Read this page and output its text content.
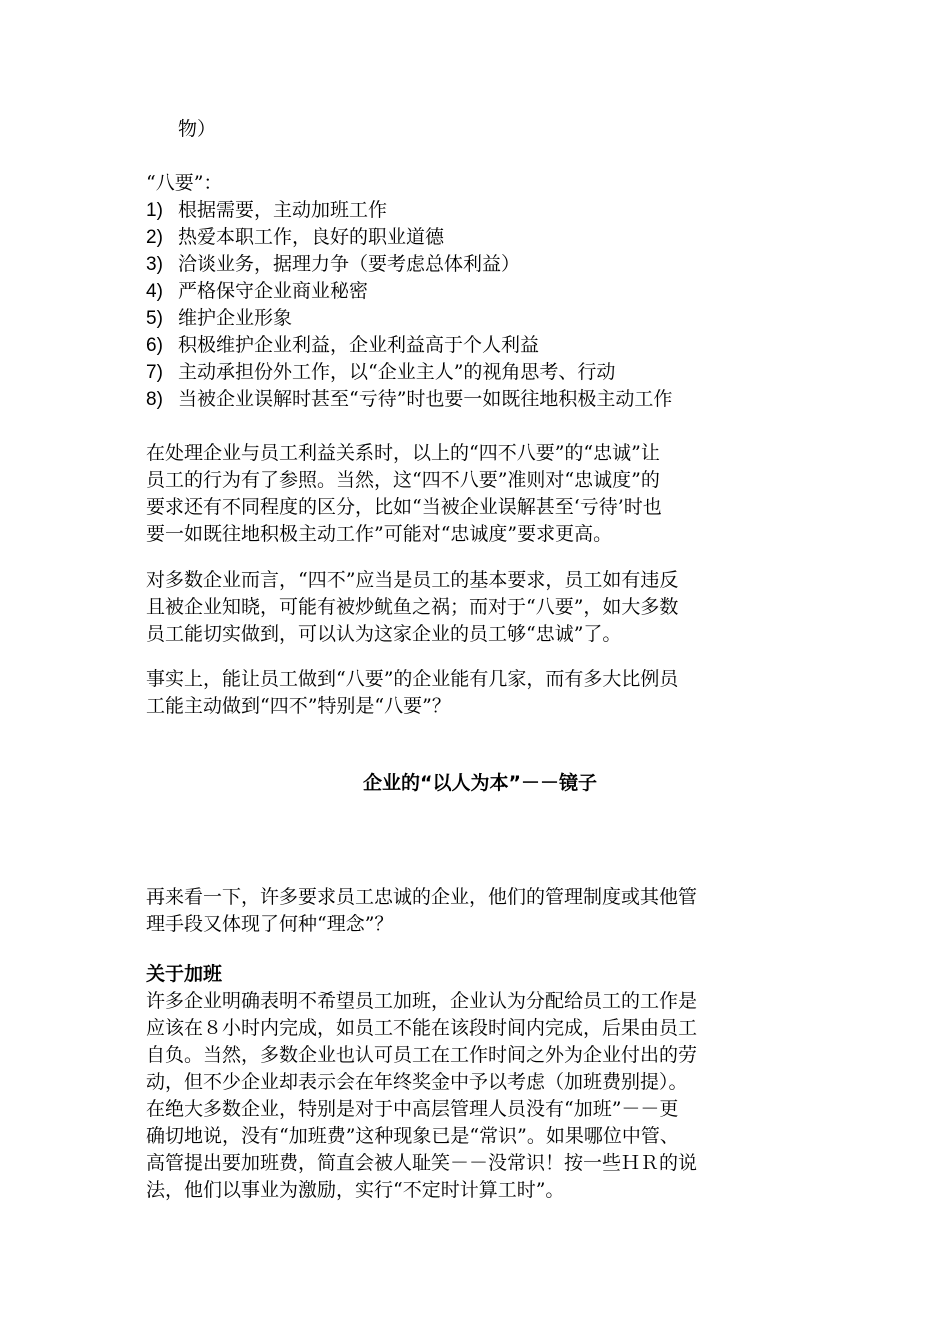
物）
“八要”：
1) 根据需要，主动加班工作
2) 热爱本职工作，良好的职业道德
3) 洽谈业务，据理力争（要考虑总体利益）
4) 严格保守企业商业秘密
5) 维护企业形象
6) 积极维护企业利益，企业利益高于个人利益
7) 主动承担份外工作，以“企业主人”的视角思考、行动
8) 当被企业误解时甚至“亏待”时也要一如既往地积极主动工作

在处理企业与员工利益关系时，以上的“四不八要”的“忠诚”让

员工的行为有了参照。当然，这“四不八要”准则对“忠诚度”的

要求还有不同程度的区分，比如“当被企业误解甚至‘亏待’时也

要一如既往地积极主动工作”可能对“忠诚度”要求更高。

对多数企业而言，“四不”应当是员工的基本要求，员工如有违反

且被企业知晓，可能有被炒鱿鱼之祸；而对于“八要”，如大多数

员工能切实做到，可以认为这家企业的员工够“忠诚”了。

事实上，能让员工做到“八要”的企业能有几家，而有多大比例员

工能主动做到“四不”特别是“八要”？

企业的“以人为本”－－镜子

再来看一下，许多要求员工忠诚的企业，他们的管理制度或其他管

理手段又体现了何种“理念”？

关于加班

许多企业明确表明不希望员工加班，企业认为分配给员工的工作是

应该在８小时内完成，如员工不能在该段时间内完成，后果由员工

自负。当然，多数企业也认可员工在工作时间之外为企业付出的劳

动，但不少企业却表示会在年终奖金中予以考虑（加班费别提）。

在绝大多数企业，特别是对于中高层管理人员没有“加班”－－更

确切地说，没有“加班费”这种现象已是“常识”。如果哪位中管、

高管提出要加班费，简直会被人耻笑－－没常识！按一些ＨＲ的说

法，他们以事业为激励，实行“不定时计算工时”。
